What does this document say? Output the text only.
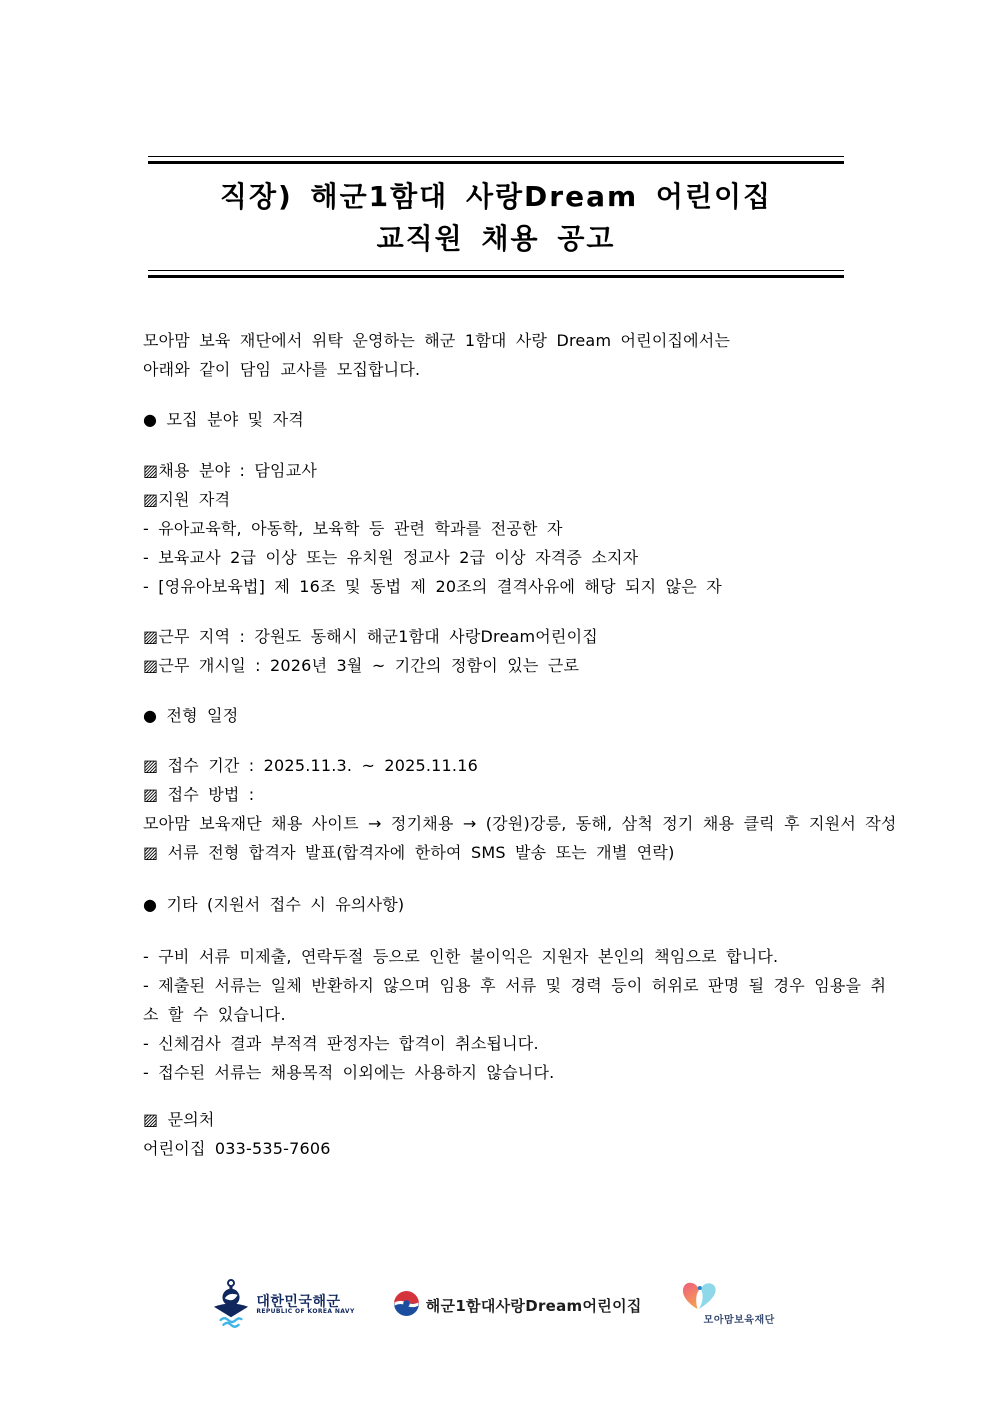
직장) 해군1함대 사랑Dream 어린이집
교직원 채용 공고
모아맘 보육 재단에서 위탁 운영하는 해군 1함대 사랑 Dream 어린이집에서는
아래와 같이 담임 교사를 모집합니다.
● 모집 분야 및 자격
▨채용 분야 : 담임교사
▨지원 자격
- 유아교육학, 아동학, 보육학 등 관련 학과를 전공한 자
- 보육교사 2급 이상 또는 유치원 정교사 2급 이상 자격증 소지자
- [영유아보육법] 제 16조 및 동법 제 20조의 결격사유에 해당 되지 않은 자
▨근무 지역 : 강원도 동해시 해군1함대 사랑Dream어린이집
▨근무 개시일 : 2026년 3월 ~ 기간의 정함이 있는 근로
● 전형 일정
▨ 접수 기간 : 2025.11.3. ~ 2025.11.16
▨ 접수 방법 :
모아맘 보육재단 채용 사이트 → 정기채용 → (강원)강릉, 동해, 삼척 정기 채용 클릭 후 지원서 작성
▨ 서류 전형 합격자 발표(합격자에 한하여 SMS 발송 또는 개별 연락)
● 기타 (지원서 접수 시 유의사항)
- 구비 서류 미제출, 연락두절 등으로 인한 불이익은 지원자 본인의 책임으로 합니다.
- 제출된 서류는 일체 반환하지 않으며 임용 후 서류 및 경력 등이 허위로 판명 될 경우 임용을 취
소 할 수 있습니다.
- 신체검사 결과 부적격 판정자는 합격이 취소됩니다.
- 접수된 서류는 채용목적 이외에는 사용하지 않습니다.
▨ 문의처
어린이집 033-535-7606
대한민국해군
REPUBLIC OF KOREA NAVY	해군1함대사랑Dream어린이집
모아맘보육재단
